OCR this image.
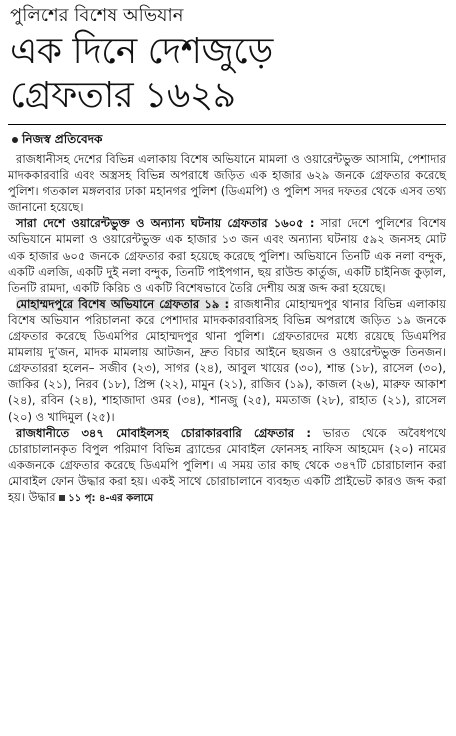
পুলিশের বিশেষ অভিযান
এক দিনে দেশজুড়ে
গ্রেফতার ১৬২৯
নিজস্ব প্রতিবেদক

রাজধানীসহ দেশের বিভিন্ন এলাকায় বিশেষ অভিযানে মামলা ও ওয়ারেন্টভুক্ত আসামি, পেশাদার মাদককারবারি এবং অস্ত্রসহ বিভিন্ন অপরাধে জড়িত এক হাজার ৬২৯ জনকে গ্রেফতার করেছে পুলিশ। গতকাল মঙ্গলবার ঢাকা মহানগর পুলিশ (ডিএমপি) ও পুলিশ সদর দফতর থেকে এসব তথ্য জানানো হয়েছে।

সারা দেশে ওয়ারেন্টভুক্ত ও অন্যান্য ঘটনায় গ্রেফতার ১৬০৫ : সারা দেশে পুলিশের বিশেষ অভিযানে মামলা ও ওয়ারেন্টভুক্ত এক হাজার ১৩ জন এবং অন্যান্য ঘটনায় ৫৯২ জনসহ মোট এক হাজার ৬০৫ জনকে গ্রেফতার করা হয়েছে করেছে পুলিশ। অভিযানে তিনটি এক নলা বন্দুক, একটি এলজি, একটি দুই নলা বন্দুক, তিনটি পাইপগান, ছয় রাউন্ড কার্তুজ, একটি চাইনিজ কুড়াল, তিনটি রামদা, একটি কিরিচ ও একটি বিশেষভাবে তৈরি দেশীয় অস্ত্র জব্দ করা হয়েছে।

মোহাম্মদপুরে বিশেষ অভিযানে গ্রেফতার ১৯ : রাজধানীর মোহাম্মদপুর থানার বিভিন্ন এলাকায় বিশেষ অভিযান পরিচালনা করে পেশাদার মাদককারবারিসহ বিভিন্ন অপরাধে জড়িত ১৯ জনকে গ্রেফতার করেছে ডিএমপির মোহাম্মদপুর থানা পুলিশ। গ্রেফতারদের মধ্যে রয়েছে ডিএমপির মামলায় দু’জন, মাদক মামলায় আটজন, দ্রুত বিচার আইনে ছয়জন ও ওয়ারেন্টভুক্ত তিনজন। গ্রেফতাররা হলেন– সজীব (২৩), সাগর (২৪), আবুল খায়ের (৩০), শান্ত (১৮), রাসেল (৩০), জাকির (২১), নিরব (১৮), প্রিন্স (২২), মামুন (২১), রাজিব (১৯), কাজল (২৬), মারুফ আকাশ (২৪), রবিন (২৪), শাহাজাদা ওমর (৩৪), শানজু (২৫), মমতাজ (২৮), রাহাত (২১), রাসেল (২০) ও খাদিমুল (২৫)।

রাজধানীতে ৩৪৭ মোবাইলসহ চোরাকারবারি গ্রেফতার : ভারত থেকে অবৈধপথে চোরাচালানকৃত বিপুল পরিমাণ বিভিন্ন ব্র্যান্ডের মোবাইল ফোনসহ নাফিস আহমেদ (২০) নামের একজনকে গ্রেফতার করেছে ডিএমপি পুলিশ। এ সময় তার কাছ থেকে ৩৪৭টি চোরাচালান করা মোবাইল ফোন উদ্ধার করা হয়। একই সাথে চোরাচালানে ব্যবহৃত একটি প্রাইভেট কারও জব্দ করা হয়। উদ্ধার ১১ পৃ: ৪-এর কলামে
